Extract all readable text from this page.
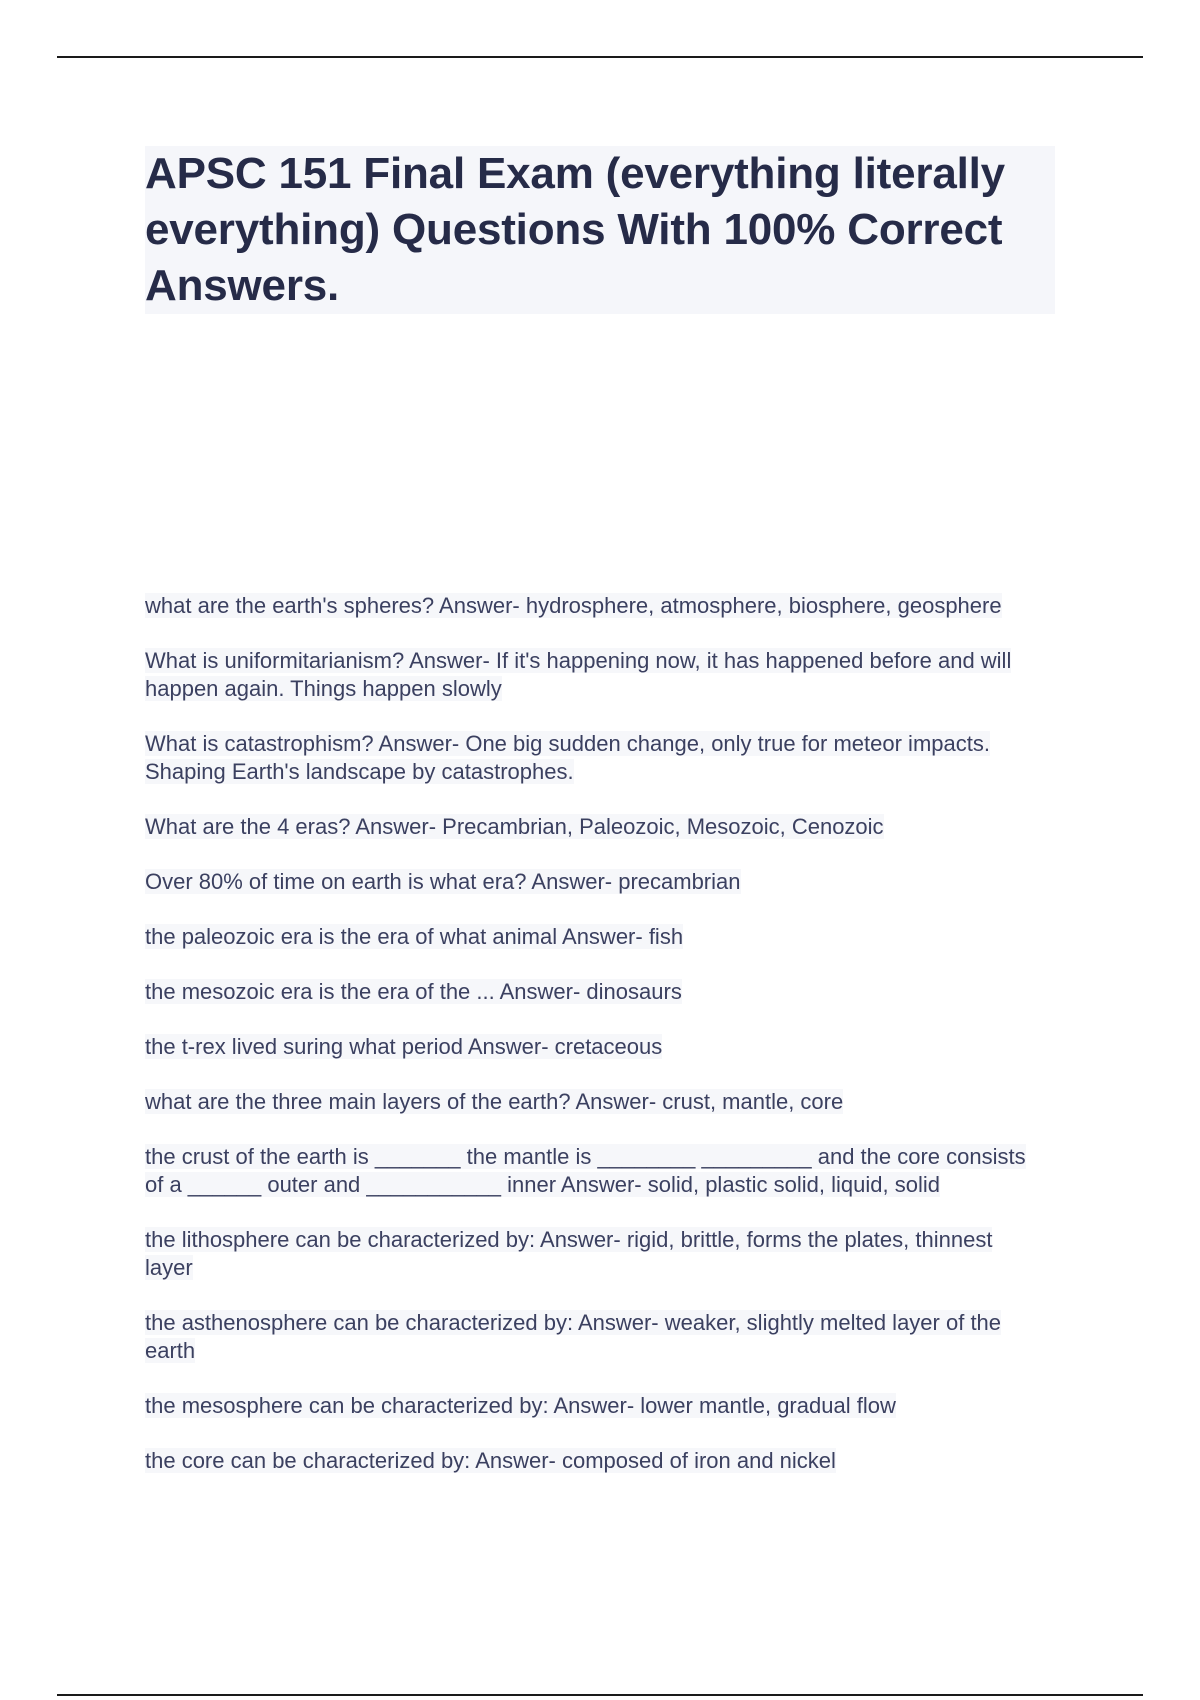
APSC 151 Final Exam (everything literally everything) Questions With 100% Correct Answers.
what are the earth's spheres? Answer- hydrosphere, atmosphere, biosphere, geosphere
What is uniformitarianism? Answer- If it's happening now, it has happened before and will happen again. Things happen slowly
What is catastrophism? Answer- One big sudden change, only true for meteor impacts. Shaping Earth's landscape by catastrophes.
What are the 4 eras? Answer- Precambrian, Paleozoic, Mesozoic, Cenozoic
Over 80% of time on earth is what era? Answer- precambrian
the paleozoic era is the era of what animal Answer- fish
the mesozoic era is the era of the ... Answer- dinosaurs
the t-rex lived suring what period Answer- cretaceous
what are the three main layers of the earth? Answer- crust, mantle, core
the crust of the earth is _______ the mantle is ________ _________ and the core consists of a ______ outer and ___________ inner Answer- solid, plastic solid, liquid, solid
the lithosphere can be characterized by: Answer- rigid, brittle, forms the plates, thinnest layer
the asthenosphere can be characterized by: Answer- weaker, slightly melted layer of the earth
the mesosphere can be characterized by: Answer- lower mantle, gradual flow
the core can be characterized by: Answer- composed of iron and nickel
